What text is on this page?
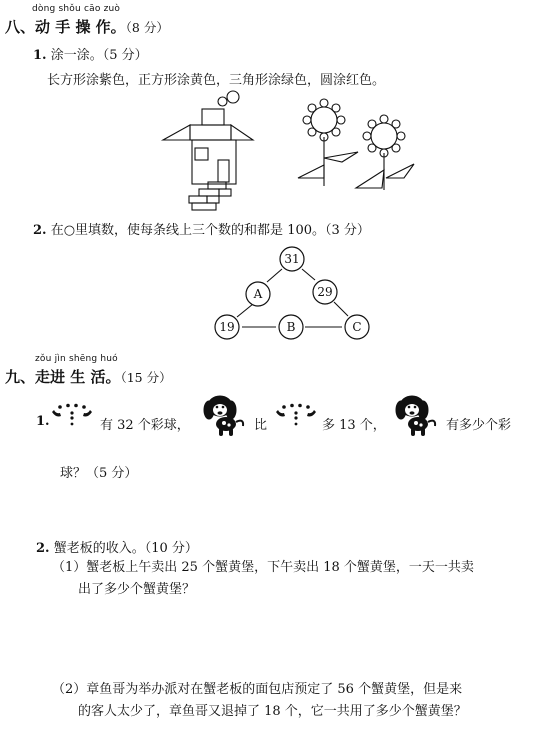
dòng shǒu cāo zuò
八、动 手 操 作。（8 分）
1. 涂一涂。（5 分）
长方形涂紫色，正方形涂黄色，三角形涂绿色，圆涂红色。
2. 在○里填数，使每条线上三个数的和都是 100。（3 分）
31
A	29
19	B	C
zǒu jìn shēng huó
九、走进 生 活。（15 分）
1.	有 32 个彩球，	比	多 13 个，	有多少个彩
球？（5 分）
2. 蟹老板的收入。（10 分）
（1）蟹老板上午卖出 25 个蟹黄堡，下午卖出 18 个蟹黄堡，一天一共卖
出了多少个蟹黄堡？
（2）章鱼哥为举办派对在蟹老板的面包店预定了 56 个蟹黄堡，但是来
的客人太少了，章鱼哥又退掉了 18 个，它一共用了多少个蟹黄堡？
